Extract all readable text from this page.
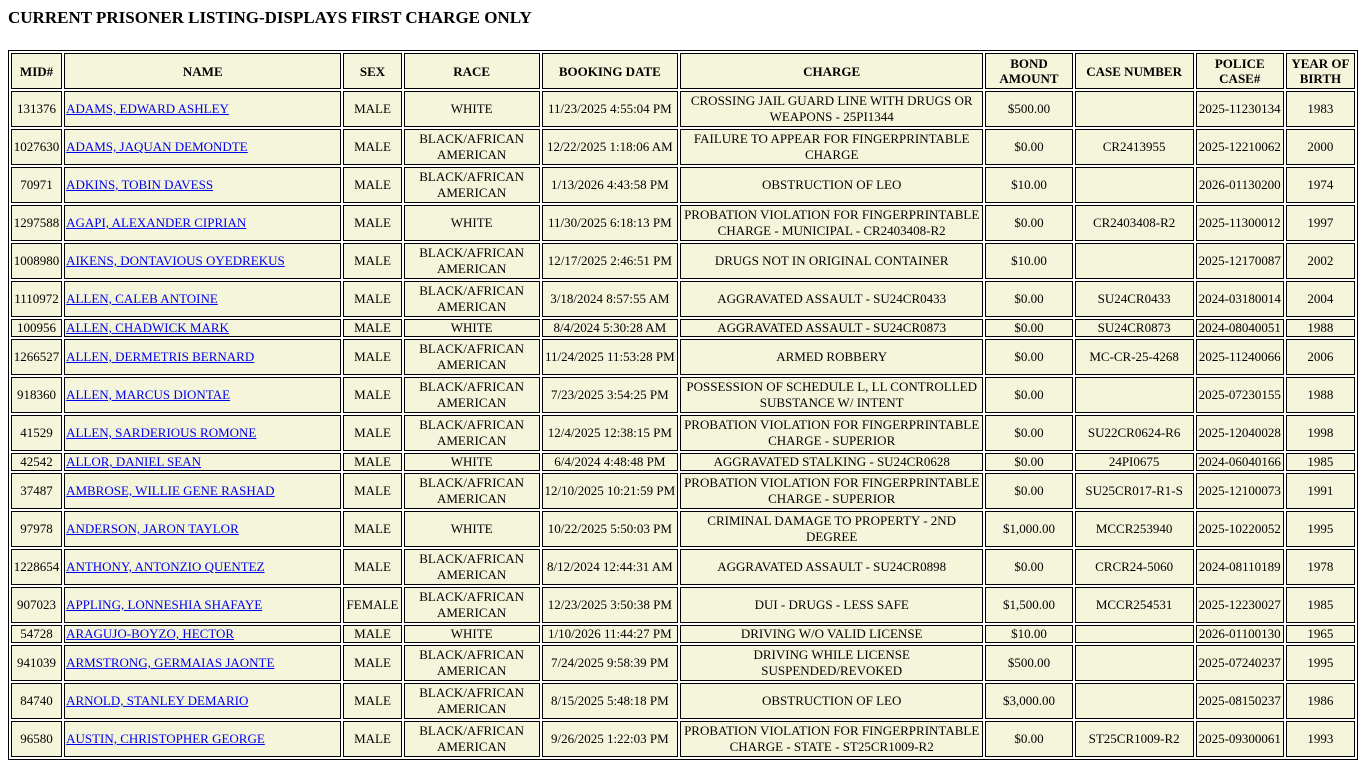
CURRENT PRISONER LISTING-DISPLAYS FIRST CHARGE ONLY
MID#	NAME	SEX	RACE	BOOKING DATE	CHARGE	BOND AMOUNT	CASE NUMBER	POLICE CASE#	YEAR OF BIRTH
131376	ADAMS, EDWARD ASHLEY	MALE	WHITE	11/23/2025 4:55:04 PM	CROSSING JAIL GUARD LINE WITH DRUGS OR WEAPONS - 25PI1344	$500.00		2025-11230134	1983
1027630	ADAMS, JAQUAN DEMONDTE	MALE	BLACK/AFRICAN AMERICAN	12/22/2025 1:18:06 AM	FAILURE TO APPEAR FOR FINGERPRINTABLE CHARGE	$0.00	CR2413955	2025-12210062	2000
70971	ADKINS, TOBIN DAVESS	MALE	BLACK/AFRICAN AMERICAN	1/13/2026 4:43:58 PM	OBSTRUCTION OF LEO	$10.00		2026-01130200	1974
1297588	AGAPI, ALEXANDER CIPRIAN	MALE	WHITE	11/30/2025 6:18:13 PM	PROBATION VIOLATION FOR FINGERPRINTABLE CHARGE - MUNICIPAL - CR2403408-R2	$0.00	CR2403408-R2	2025-11300012	1997
1008980	AIKENS, DONTAVIOUS OYEDREKUS	MALE	BLACK/AFRICAN AMERICAN	12/17/2025 2:46:51 PM	DRUGS NOT IN ORIGINAL CONTAINER	$10.00		2025-12170087	2002
1110972	ALLEN, CALEB ANTOINE	MALE	BLACK/AFRICAN AMERICAN	3/18/2024 8:57:55 AM	AGGRAVATED ASSAULT - SU24CR0433	$0.00	SU24CR0433	2024-03180014	2004
100956	ALLEN, CHADWICK MARK	MALE	WHITE	8/4/2024 5:30:28 AM	AGGRAVATED ASSAULT - SU24CR0873	$0.00	SU24CR0873	2024-08040051	1988
1266527	ALLEN, DERMETRIS BERNARD	MALE	BLACK/AFRICAN AMERICAN	11/24/2025 11:53:28 PM	ARMED ROBBERY	$0.00	MC-CR-25-4268	2025-11240066	2006
918360	ALLEN, MARCUS DIONTAE	MALE	BLACK/AFRICAN AMERICAN	7/23/2025 3:54:25 PM	POSSESSION OF SCHEDULE L, LL CONTROLLED SUBSTANCE W/ INTENT	$0.00		2025-07230155	1988
41529	ALLEN, SARDERIOUS ROMONE	MALE	BLACK/AFRICAN AMERICAN	12/4/2025 12:38:15 PM	PROBATION VIOLATION FOR FINGERPRINTABLE CHARGE - SUPERIOR	$0.00	SU22CR0624-R6	2025-12040028	1998
42542	ALLOR, DANIEL SEAN	MALE	WHITE	6/4/2024 4:48:48 PM	AGGRAVATED STALKING - SU24CR0628	$0.00	24PI0675	2024-06040166	1985
37487	AMBROSE, WILLIE GENE RASHAD	MALE	BLACK/AFRICAN AMERICAN	12/10/2025 10:21:59 PM	PROBATION VIOLATION FOR FINGERPRINTABLE CHARGE - SUPERIOR	$0.00	SU25CR017-R1-S	2025-12100073	1991
97978	ANDERSON, JARON TAYLOR	MALE	WHITE	10/22/2025 5:50:03 PM	CRIMINAL DAMAGE TO PROPERTY - 2ND DEGREE	$1,000.00	MCCR253940	2025-10220052	1995
1228654	ANTHONY, ANTONZIO QUENTEZ	MALE	BLACK/AFRICAN AMERICAN	8/12/2024 12:44:31 AM	AGGRAVATED ASSAULT - SU24CR0898	$0.00	CRCR24-5060	2024-08110189	1978
907023	APPLING, LONNESHIA SHAFAYE	FEMALE	BLACK/AFRICAN AMERICAN	12/23/2025 3:50:38 PM	DUI - DRUGS - LESS SAFE	$1,500.00	MCCR254531	2025-12230027	1985
54728	ARAGUJO-BOYZO, HECTOR	MALE	WHITE	1/10/2026 11:44:27 PM	DRIVING W/O VALID LICENSE	$10.00		2026-01100130	1965
941039	ARMSTRONG, GERMAIAS JAONTE	MALE	BLACK/AFRICAN AMERICAN	7/24/2025 9:58:39 PM	DRIVING WHILE LICENSE SUSPENDED/REVOKED	$500.00		2025-07240237	1995
84740	ARNOLD, STANLEY DEMARIO	MALE	BLACK/AFRICAN AMERICAN	8/15/2025 5:48:18 PM	OBSTRUCTION OF LEO	$3,000.00		2025-08150237	1986
96580	AUSTIN, CHRISTOPHER GEORGE	MALE	BLACK/AFRICAN AMERICAN	9/26/2025 1:22:03 PM	PROBATION VIOLATION FOR FINGERPRINTABLE CHARGE - STATE - ST25CR1009-R2	$0.00	ST25CR1009-R2	2025-09300061	1993
